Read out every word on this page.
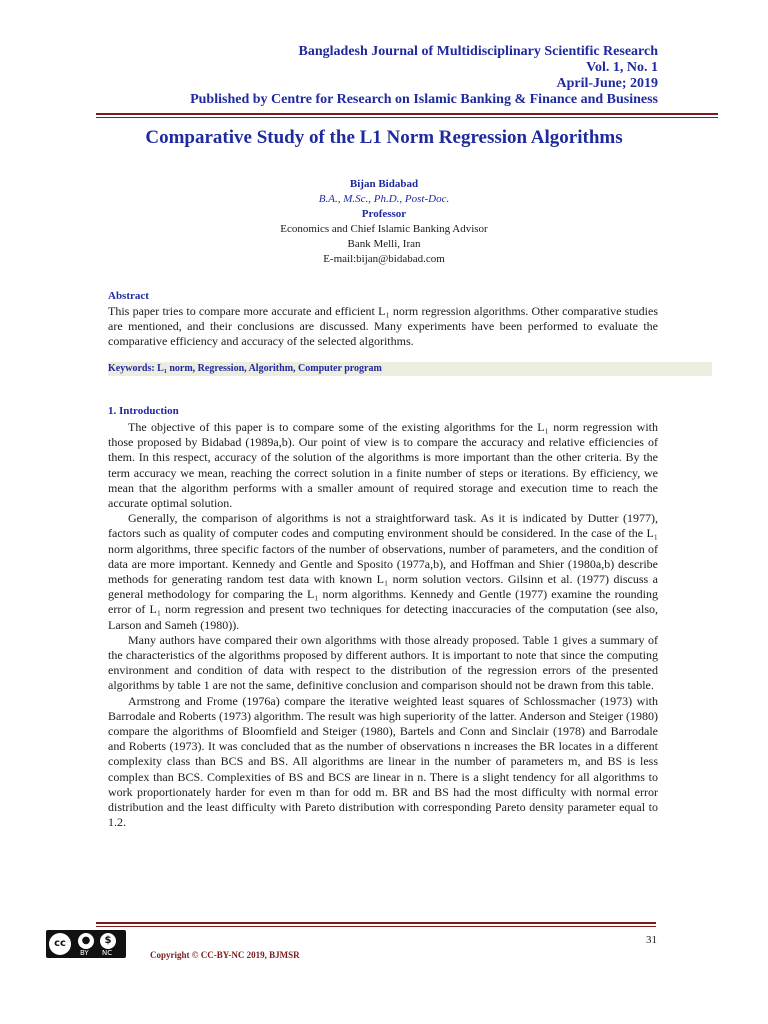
Bangladesh Journal of Multidisciplinary Scientific Research
Vol. 1, No. 1
April-June; 2019
Published by Centre for Research on Islamic Banking & Finance and Business
Comparative Study of the L1 Norm Regression Algorithms
Bijan Bidabad
B.A., M.Sc., Ph.D., Post-Doc.
Professor
Economics and Chief Islamic Banking Advisor
Bank Melli, Iran
E-mail:bijan@bidabad.com
Abstract
This paper tries to compare more accurate and efficient L₁ norm regression algorithms. Other comparative studies are mentioned, and their conclusions are discussed. Many experiments have been performed to evaluate the comparative efficiency and accuracy of the selected algorithms.
Keywords: L₁ norm, Regression, Algorithm, Computer program
1. Introduction

The objective of this paper is to compare some of the existing algorithms for the L₁ norm regression with those proposed by Bidabad (1989a,b). Our point of view is to compare the accuracy and relative efficiencies of them. In this respect, accuracy of the solution of the algorithms is more important than the other criteria. By the term accuracy we mean, reaching the correct solution in a finite number of steps or iterations. By efficiency, we mean that the algorithm performs with a smaller amount of required storage and execution time to reach the accurate optimal solution.

Generally, the comparison of algorithms is not a straightforward task. As it is indicated by Dutter (1977), factors such as quality of computer codes and computing environment should be considered. In the case of the L₁ norm algorithms, three specific factors of the number of observations, number of parameters, and the condition of data are more important. Kennedy and Gentle and Sposito (1977a,b), and Hoffman and Shier (1980a,b) describe methods for generating random test data with known L₁ norm solution vectors. Gilsinn et al. (1977) discuss a general methodology for comparing the L₁ norm algorithms. Kennedy and Gentle (1977) examine the rounding error of L₁ norm regression and present two techniques for detecting inaccuracies of the computation (see also, Larson and Sameh (1980)).

Many authors have compared their own algorithms with those already proposed. Table 1 gives a summary of the characteristics of the algorithms proposed by different authors. It is important to note that since the computing environment and condition of data with respect to the distribution of the regression errors of the presented algorithms by table 1 are not the same, definitive conclusion and comparison should not be drawn from this table.

Armstrong and Frome (1976a) compare the iterative weighted least squares of Schlossmacher (1973) with Barrodale and Roberts (1973) algorithm. The result was high superiority of the latter. Anderson and Steiger (1980) compare the algorithms of Bloomfield and Steiger (1980), Bartels and Conn and Sinclair (1978) and Barrodale and Roberts (1973). It was concluded that as the number of observations n increases the BR locates in a different complexity class than BCS and BS. All algorithms are linear in the number of parameters m, and BS is less complex than BCS. Complexities of BS and BCS are linear in n. There is a slight tendency for all algorithms to work proportionately harder for even m than for odd m. BR and BS had the most difficulty with normal error distribution and the least difficulty with Pareto distribution with corresponding Pareto density parameter equal to 1.2.

cc	●	$
BY NC
31
Copyright © CC-BY-NC 2019, BJMSR
